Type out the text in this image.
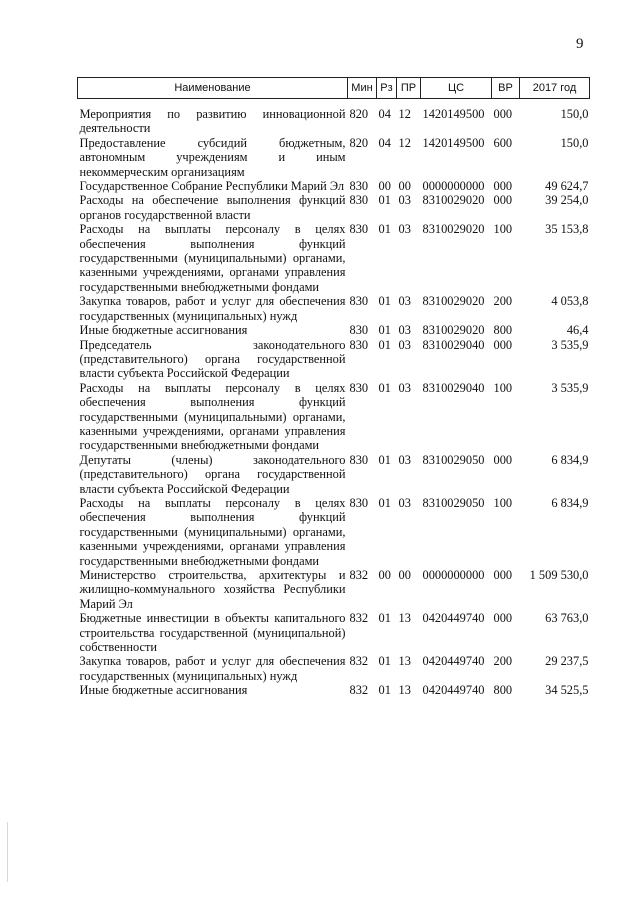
9
Наименование	Мин	Рз	ПР	ЦС	ВР	2017 год
Мероприятия по развитию инновационной деятельности	820	04	12	1420149500	000	150,0
Предоставление субсидий бюджетным, автономным учреждениям и иным некоммерческим организациям	820	04	12	1420149500	600	150,0
Государственное Собрание Республики Марий Эл	830	00	00	0000000000	000	49 624,7
Расходы на обеспечение выполнения функций органов государственной власти	830	01	03	8310029020	000	39 254,0
Расходы на выплаты персоналу в целях обеспечения выполнения функций государственными (муниципальными) органами, казенными учреждениями, органами управления государственными внебюджетными фондами	830	01	03	8310029020	100	35 153,8
Закупка товаров, работ и услуг для обеспечения государственных (муниципальных) нужд	830	01	03	8310029020	200	4 053,8
Иные бюджетные ассигнования	830	01	03	8310029020	800	46,4
Председатель законодательного (представительного) органа государственной власти субъекта Российской Федерации	830	01	03	8310029040	000	3 535,9
Расходы на выплаты персоналу в целях обеспечения выполнения функций государственными (муниципальными) органами, казенными учреждениями, органами управления государственными внебюджетными фондами	830	01	03	8310029040	100	3 535,9
Депутаты (члены) законодательного (представительного) органа государственной власти субъекта Российской Федерации	830	01	03	8310029050	000	6 834,9
Расходы на выплаты персоналу в целях обеспечения выполнения функций государственными (муниципальными) органами, казенными учреждениями, органами управления государственными внебюджетными фондами	830	01	03	8310029050	100	6 834,9
Министерство строительства, архитектуры и жилищно-коммунального хозяйства Республики Марий Эл	832	00	00	0000000000	000	1 509 530,0
Бюджетные инвестиции в объекты капитального строительства государственной (муниципальной) собственности	832	01	13	0420449740	000	63 763,0
Закупка товаров, работ и услуг для обеспечения государственных (муниципальных) нужд	832	01	13	0420449740	200	29 237,5
Иные бюджетные ассигнования	832	01	13	0420449740	800	34 525,5
